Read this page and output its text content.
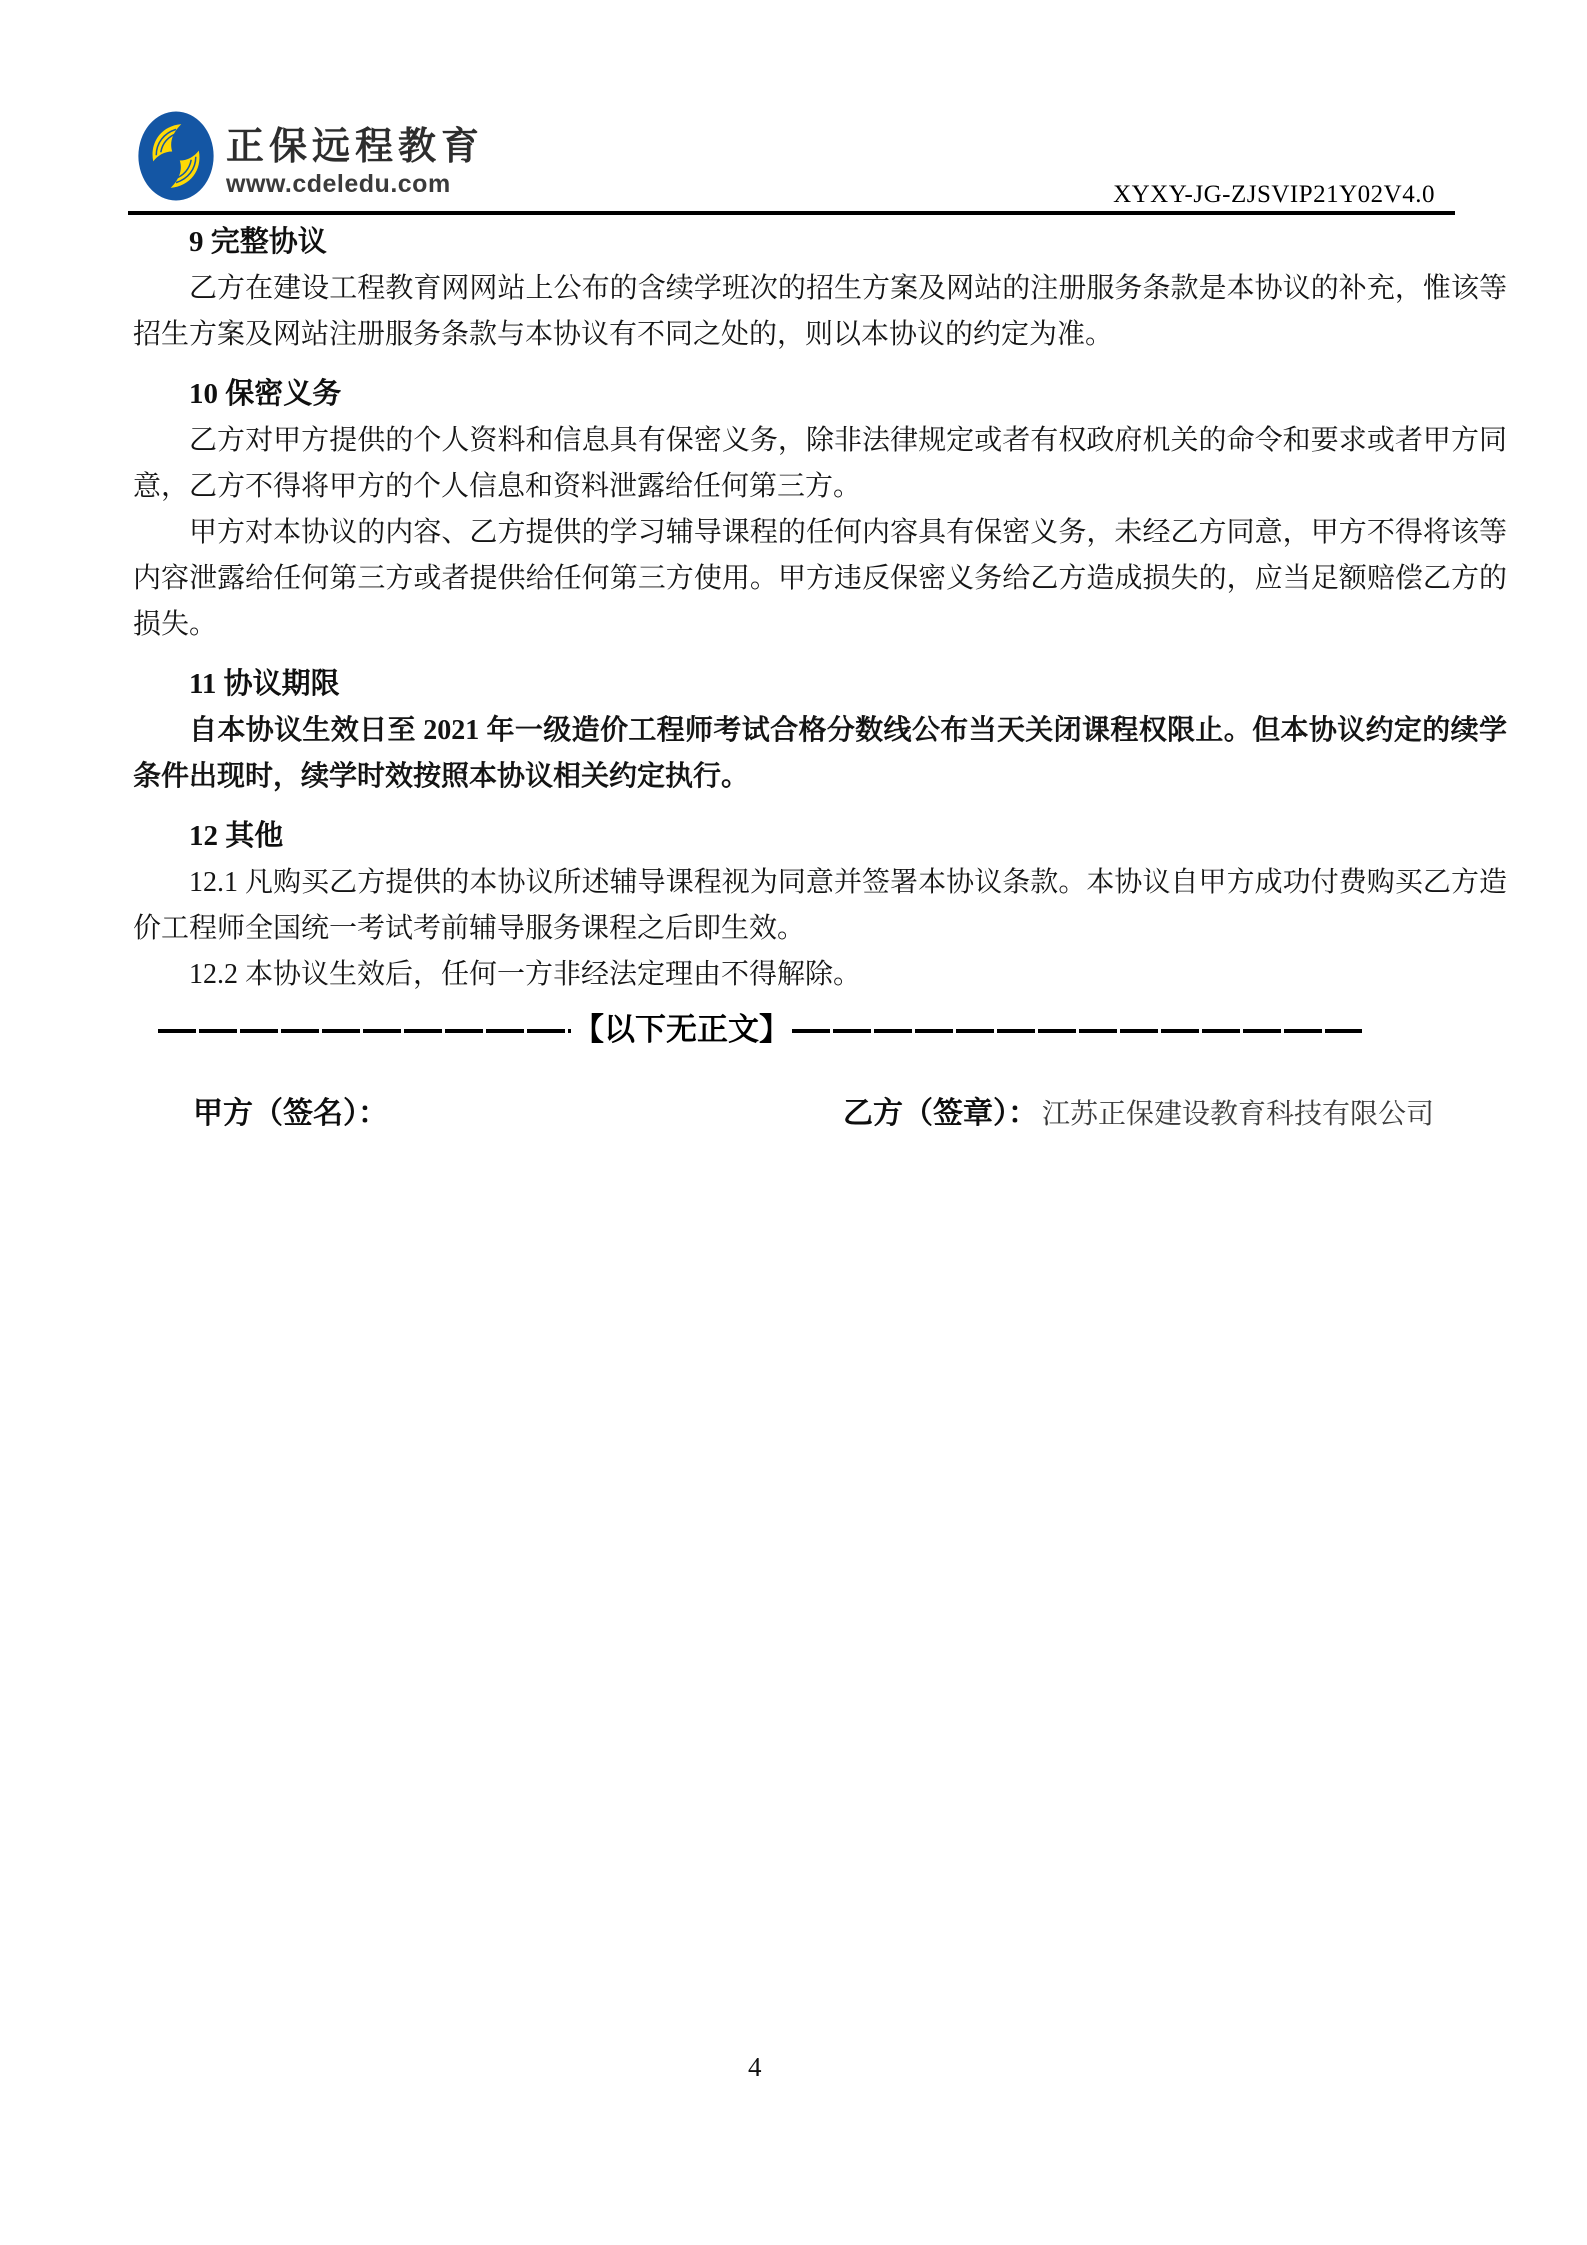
正保远程教育
www.cdeledu.com	XYXY-JG-ZJSVIP21Y02V4.0
9 完整协议

乙方在建设工程教育网网站上公布的含续学班次的招生方案及网站的注册服务条款是本协议的补充，惟该等招生方案及网站注册服务条款与本协议有不同之处的，则以本协议的约定为准。

10 保密义务

乙方对甲方提供的个人资料和信息具有保密义务，除非法律规定或者有权政府机关的命令和要求或者甲方同意，乙方不得将甲方的个人信息和资料泄露给任何第三方。

甲方对本协议的内容、乙方提供的学习辅导课程的任何内容具有保密义务，未经乙方同意，甲方不得将该等内容泄露给任何第三方或者提供给任何第三方使用。甲方违反保密义务给乙方造成损失的，应当足额赔偿乙方的损失。

11 协议期限

自本协议生效日至 2021 年一级造价工程师考试合格分数线公布当天关闭课程权限止。但本协议约定的续学条件出现时，续学时效按照本协议相关约定执行。

12 其他

12.1 凡购买乙方提供的本协议所述辅导课程视为同意并签署本协议条款。本协议自甲方成功付费购买乙方造价工程师全国统一考试考前辅导服务课程之后即生效。

12.2 本协议生效后，任何一方非经法定理由不得解除。

【以下无正文】
甲方（签名）：	乙方（签章）： 江苏正保建设教育科技有限公司
4
